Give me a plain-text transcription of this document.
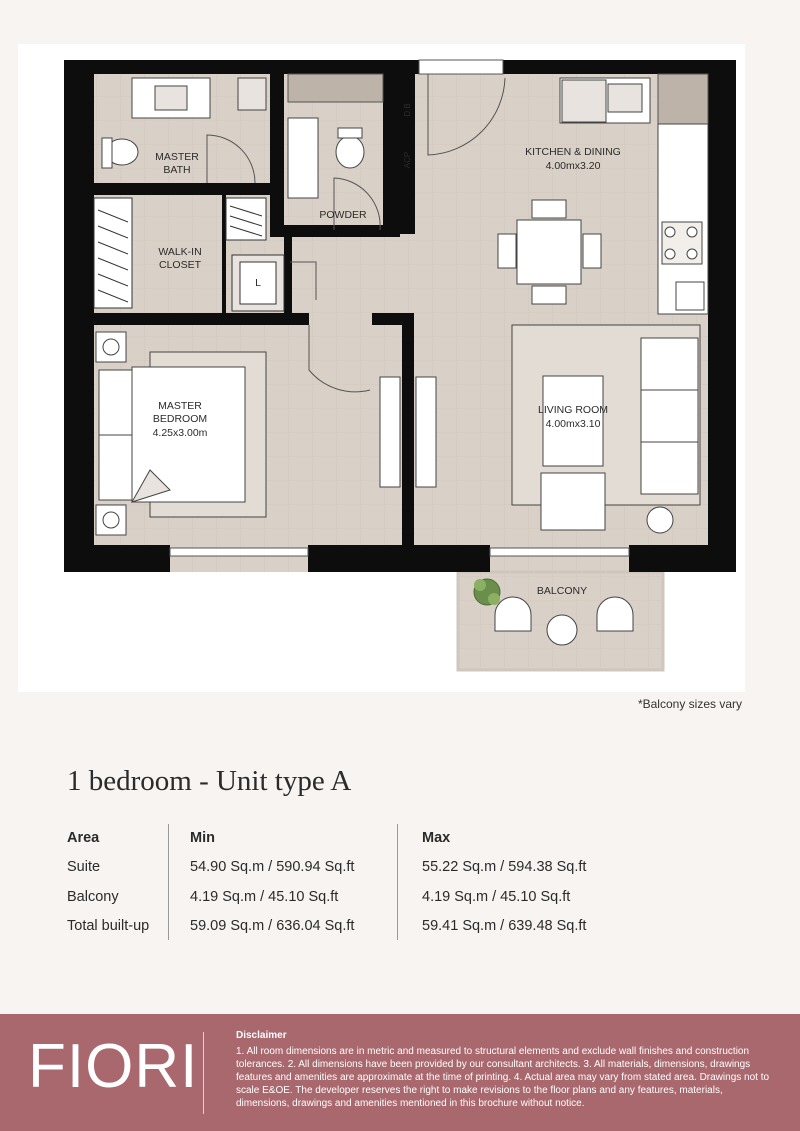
MASTER BATH
POWDER
WALK-IN CLOSET
L
KITCHEN & DINING
4.00mx3.20
MASTER BEDROOM
4.25x3.00m
LIVING ROOM
4.00mx3.10
BALCONY
D.B
ACP
*Balcony sizes vary
1 bedroom - Unit type A
Area	Min	Max
Suite	54.90 Sq.m / 590.94 Sq.ft	55.22 Sq.m / 594.38 Sq.ft
Balcony	4.19 Sq.m / 45.10 Sq.ft	4.19 Sq.m / 45.10 Sq.ft
Total built-up	59.09 Sq.m / 636.04 Sq.ft	59.41 Sq.m / 639.48 Sq.ft
FIORI	Disclaimer
1. All room dimensions are in metric and measured to structural elements and exclude wall finishes and construction tolerances. 2. All dimensions have been provided by our consultant architects. 3. All materials, dimensions, drawings features and amenities are approximate at the time of printing. 4. Actual area may vary from stated area. Drawings not to scale E&OE. The developer reserves the right to make revisions to the floor plans and any features, materials, dimensions, drawings and amenities mentioned in this brochure without notice.
